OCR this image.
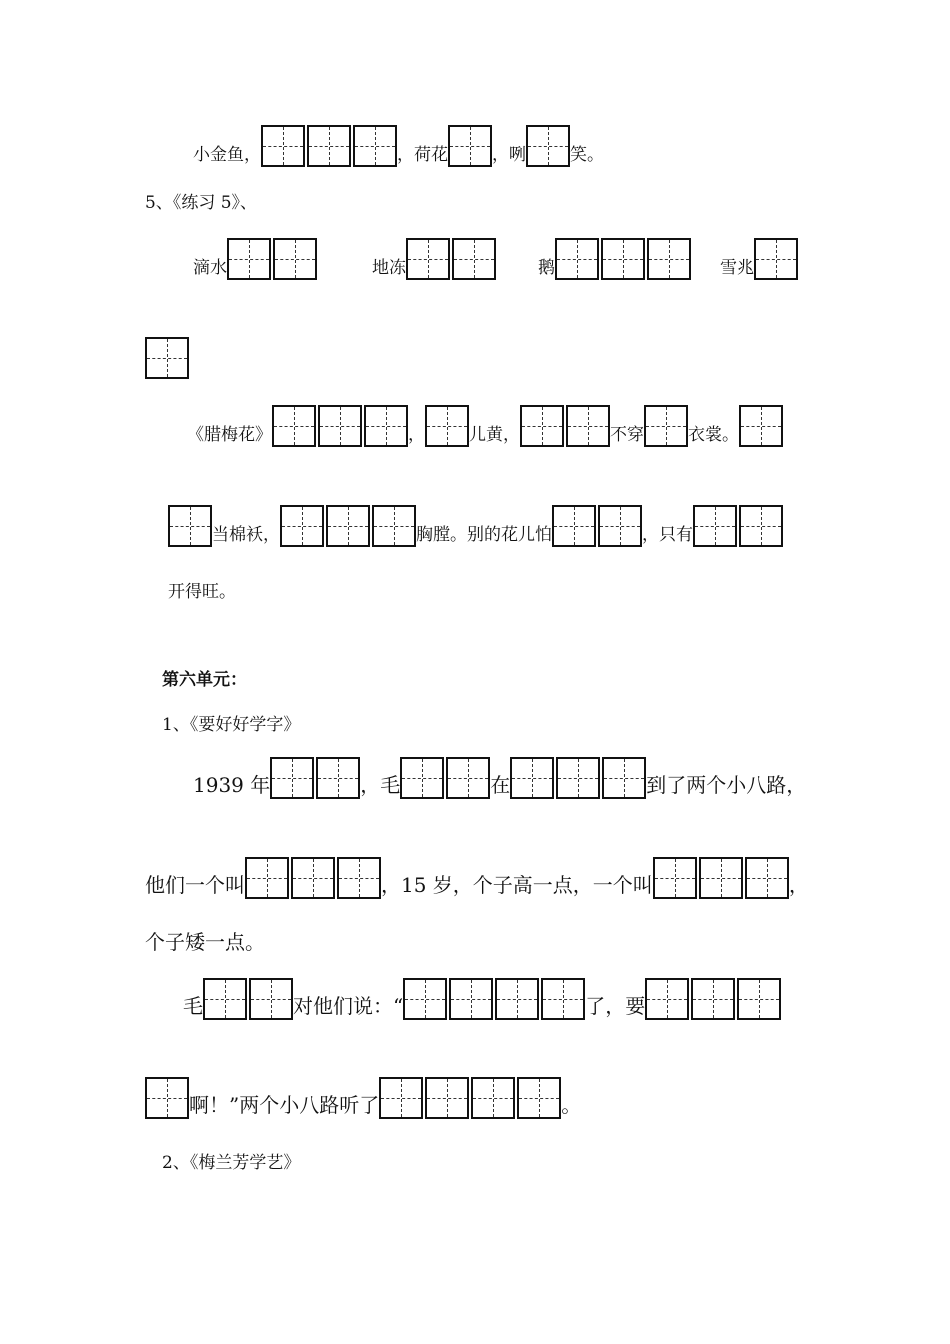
小金鱼，	，荷花	，咧	笑。
5、《练习 5》、
滴水	地冻	鹅	雪兆
《腊梅花》	，	儿黄，	不穿	衣裳。
当棉袄，	胸膛。别的花儿怕	，只有
开得旺。
第六单元：
1、《要好好学字》
1939 年	，毛	在	到了两个小八路，
他们一个叫	，15 岁，个子高一点，一个叫	，
个子矮一点。
毛	对他们说：“	了，要
啊！”两个小八路听了	。
2、《梅兰芳学艺》
